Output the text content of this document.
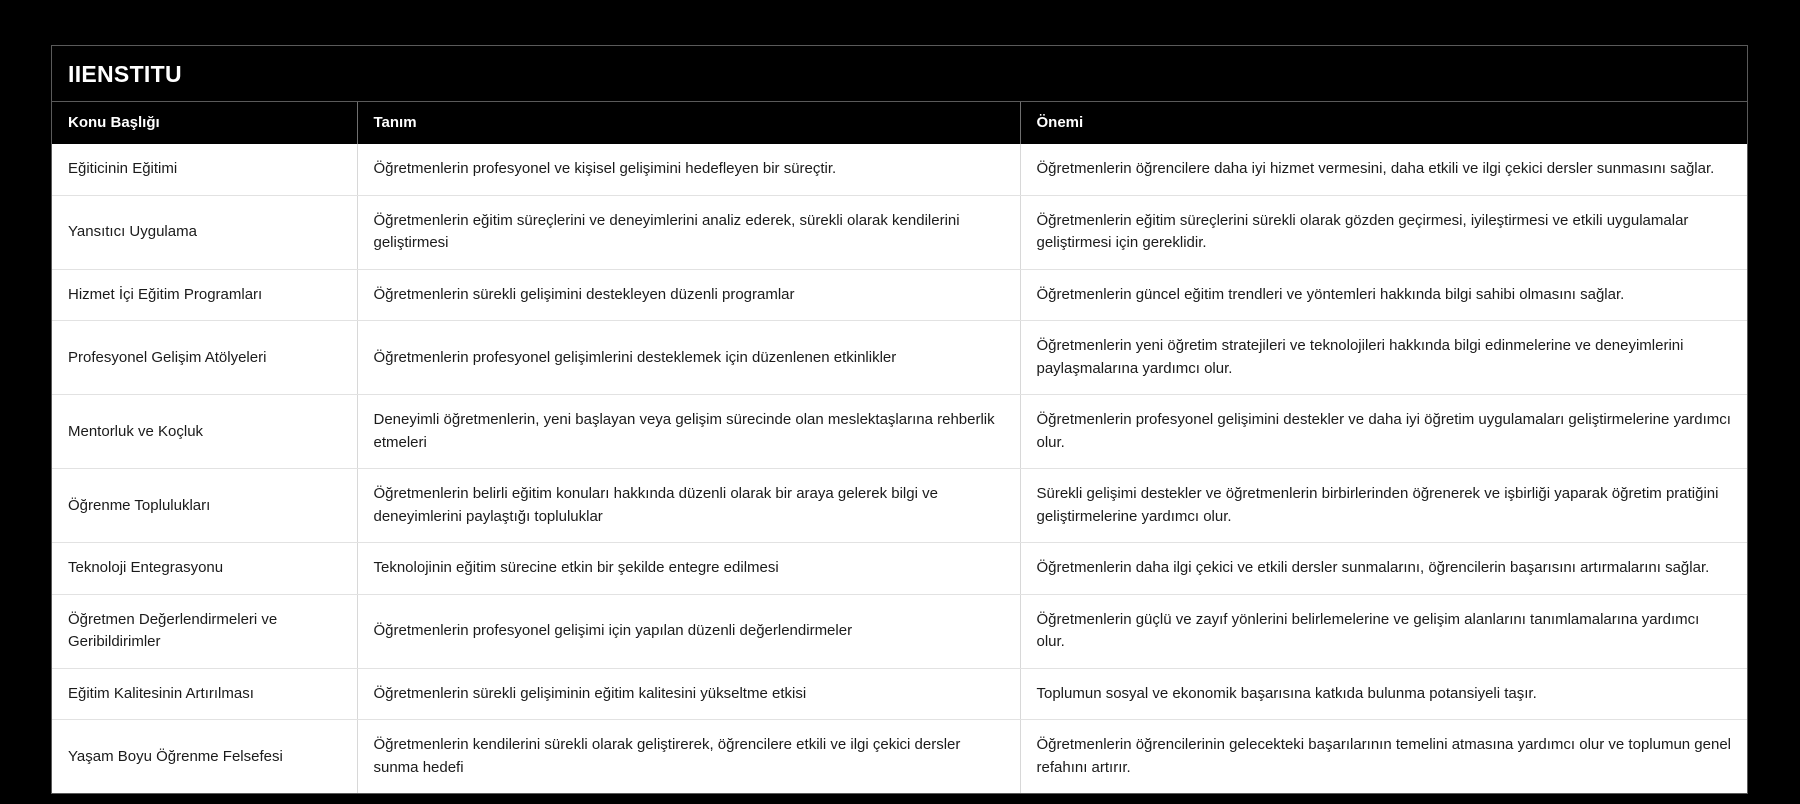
IIENSTITU
Konu Başlığı	Tanım	Önemi
Eğiticinin Eğitimi	Öğretmenlerin profesyonel ve kişisel gelişimini hedefleyen bir süreçtir.	Öğretmenlerin öğrencilere daha iyi hizmet vermesini, daha etkili ve ilgi çekici dersler sunmasını sağlar.
Yansıtıcı Uygulama	Öğretmenlerin eğitim süreçlerini ve deneyimlerini analiz ederek, sürekli olarak kendilerini geliştirmesi	Öğretmenlerin eğitim süreçlerini sürekli olarak gözden geçirmesi, iyileştirmesi ve etkili uygulamalar geliştirmesi için gereklidir.
Hizmet İçi Eğitim Programları	Öğretmenlerin sürekli gelişimini destekleyen düzenli programlar	Öğretmenlerin güncel eğitim trendleri ve yöntemleri hakkında bilgi sahibi olmasını sağlar.
Profesyonel Gelişim Atölyeleri	Öğretmenlerin profesyonel gelişimlerini desteklemek için düzenlenen etkinlikler	Öğretmenlerin yeni öğretim stratejileri ve teknolojileri hakkında bilgi edinmelerine ve deneyimlerini paylaşmalarına yardımcı olur.
Mentorluk ve Koçluk	Deneyimli öğretmenlerin, yeni başlayan veya gelişim sürecinde olan meslektaşlarına rehberlik etmeleri	Öğretmenlerin profesyonel gelişimini destekler ve daha iyi öğretim uygulamaları geliştirmelerine yardımcı olur.
Öğrenme Toplulukları	Öğretmenlerin belirli eğitim konuları hakkında düzenli olarak bir araya gelerek bilgi ve deneyimlerini paylaştığı topluluklar	Sürekli gelişimi destekler ve öğretmenlerin birbirlerinden öğrenerek ve işbirliği yaparak öğretim pratiğini geliştirmelerine yardımcı olur.
Teknoloji Entegrasyonu	Teknolojinin eğitim sürecine etkin bir şekilde entegre edilmesi	Öğretmenlerin daha ilgi çekici ve etkili dersler sunmalarını, öğrencilerin başarısını artırmalarını sağlar.
Öğretmen Değerlendirmeleri ve Geribildirimler	Öğretmenlerin profesyonel gelişimi için yapılan düzenli değerlendirmeler	Öğretmenlerin güçlü ve zayıf yönlerini belirlemelerine ve gelişim alanlarını tanımlamalarına yardımcı olur.
Eğitim Kalitesinin Artırılması	Öğretmenlerin sürekli gelişiminin eğitim kalitesini yükseltme etkisi	Toplumun sosyal ve ekonomik başarısına katkıda bulunma potansiyeli taşır.
Yaşam Boyu Öğrenme Felsefesi	Öğretmenlerin kendilerini sürekli olarak geliştirerek, öğrencilere etkili ve ilgi çekici dersler sunma hedefi	Öğretmenlerin öğrencilerinin gelecekteki başarılarının temelini atmasına yardımcı olur ve toplumun genel refahını artırır.
